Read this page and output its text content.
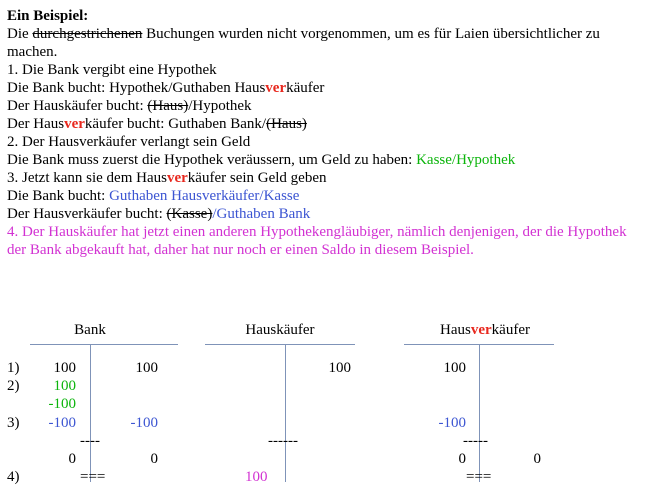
Ein Beispiel:
Die durchgestrichenen Buchungen wurden nicht vorgenommen, um es für Laien übersichtlicher zu machen.
1. Die Bank vergibt eine Hypothek
Die Bank bucht: Hypothek/Guthaben Hausverkäufer
Der Hauskäufer bucht: (Haus)/Hypothek
Der Hausverkäufer bucht: Guthaben Bank/(Haus)
2. Der Hausverkäufer verlangt sein Geld
Die Bank muss zuerst die Hypothek veräussern, um Geld zu haben: Kasse/Hypothek
3. Jetzt kann sie dem Hausverkäufer sein Geld geben
Die Bank bucht: Guthaben Hausverkäufer/Kasse
Der Hausverkäufer bucht: (Kasse)/Guthaben Bank
4. Der Hauskäufer hat jetzt einen anderen Hypothekengläubiger, nämlich denjenigen, der die Hypothek der Bank abgekauft hat, daher hat nur noch er einen Saldo in diesem Beispiel.
1)
2)
3)
4)
Bank
100
100
-100
-100
----
0
===
100
-100
0
Hauskäufer
100
------
100
Hausverkäufer
100
-100
-----
0
===
0
